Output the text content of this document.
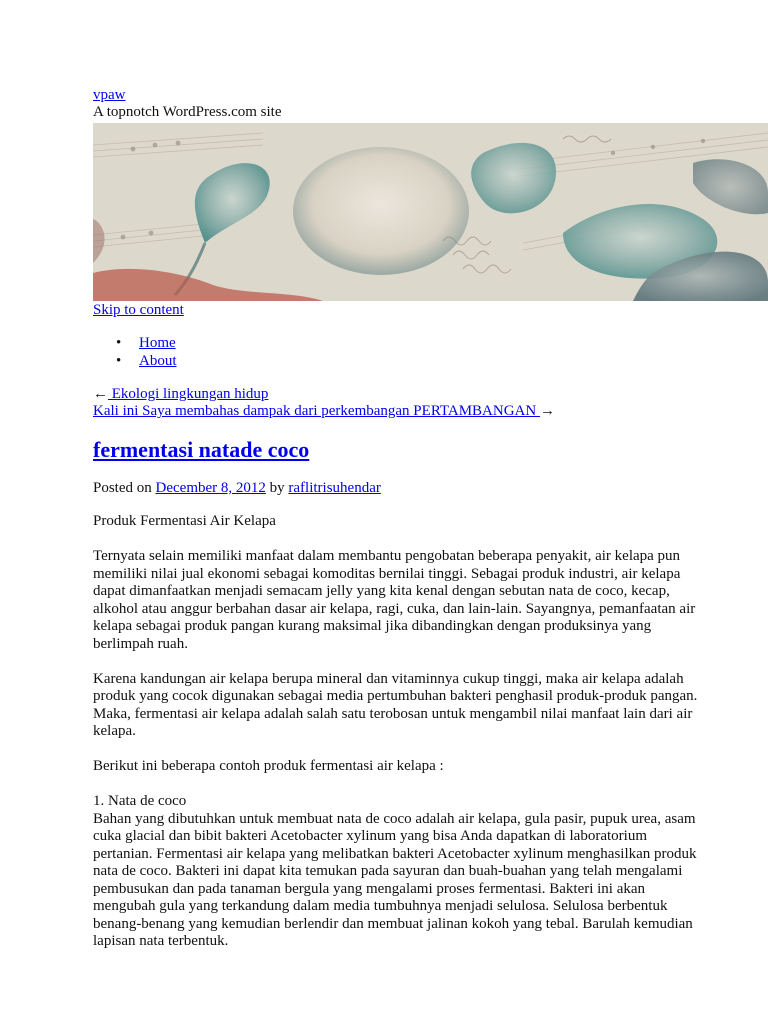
vpaw

A topnotch WordPress.com site

Skip to content

• Home
• About

← Ekologi lingkungan hidup

Kali ini Saya membahas dampak dari perkembangan PERTAMBANGAN →

fermentasi natade coco

Posted on December 8, 2012 by raflitrisuhendar

Produk Fermentasi Air Kelapa

Ternyata selain memiliki manfaat dalam membantu pengobatan beberapa penyakit, air kelapa pun memiliki nilai jual ekonomi sebagai komoditas bernilai tinggi. Sebagai produk industri, air kelapa dapat dimanfaatkan menjadi semacam jelly yang kita kenal dengan sebutan nata de coco, kecap, alkohol atau anggur berbahan dasar air kelapa, ragi, cuka, dan lain-lain. Sayangnya, pemanfaatan air kelapa sebagai produk pangan kurang maksimal jika dibandingkan dengan produksinya yang berlimpah ruah.

Karena kandungan air kelapa berupa mineral dan vitaminnya cukup tinggi, maka air kelapa adalah produk yang cocok digunakan sebagai media pertumbuhan bakteri penghasil produk-produk pangan. Maka, fermentasi air kelapa adalah salah satu terobosan untuk mengambil nilai manfaat lain dari air kelapa.

Berikut ini beberapa contoh produk fermentasi air kelapa :

1. Nata de coco

Bahan yang dibutuhkan untuk membuat nata de coco adalah air kelapa, gula pasir, pupuk urea, asam cuka glacial dan bibit bakteri Acetobacter xylinum yang bisa Anda dapatkan di laboratorium pertanian. Fermentasi air kelapa yang melibatkan bakteri Acetobacter xylinum menghasilkan produk nata de coco. Bakteri ini dapat kita temukan pada sayuran dan buah-buahan yang telah mengalami pembusukan dan pada tanaman bergula yang mengalami proses fermentasi. Bakteri ini akan mengubah gula yang terkandung dalam media tumbuhnya menjadi selulosa. Selulosa berbentuk benang-benang yang kemudian berlendir dan membuat jalinan kokoh yang tebal. Barulah kemudian lapisan nata terbentuk.
